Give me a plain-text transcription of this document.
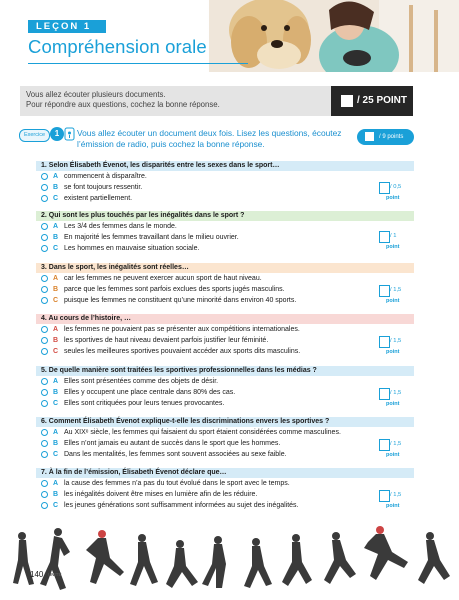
LEÇON 1
Compréhension orale
Vous allez écouter plusieurs documents.
Pour répondre aux questions, cochez la bonne réponse.	/ 25 POINT
Exercice	1	Vous allez écouter un document deux fois. Lisez les questions, écoutez l’émission de radio, puis cochez la bonne réponse.
/ 9 points
1. Selon Élisabeth Évenot, les disparités entre les sexes dans le sport…
A commencent à disparaître.
B se font toujours ressentir.
C existent partiellement.
/ 0,5
point
2. Qui sont les plus touchés par les inégalités dans le sport ?
A Les 3/4 des femmes dans le monde.
B En majorité les femmes travaillant dans le milieu ouvrier.
C Les hommes en mauvaise situation sociale.
/ 1
point
3. Dans le sport, les inégalités sont réelles…
A car les femmes ne peuvent exercer aucun sport de haut niveau.
B parce que les femmes sont parfois exclues des sports jugés masculins.
C puisque les femmes ne constituent qu’une minorité dans environ 40 sports.
/ 1,5
point
4. Au cours de l’histoire, …
A les femmes ne pouvaient pas se présenter aux compétitions internationales.
B les sportives de haut niveau devaient parfois justifier leur féminité.
C seules les meilleures sportives pouvaient accéder aux sports dits masculins.
/ 1,5
point
5. De quelle manière sont traitées les sportives professionnelles dans les médias ?
A Elles sont présentées comme des objets de désir.
B Elles y occupent une place centrale dans 80% des cas.
C Elles sont critiquées pour leurs tenues provocantes.
/ 1,5
point
6. Comment Élisabeth Évenot explique-t-elle les discriminations envers les sportives ?
A Au XIXᵉ siècle, les femmes qui faisaient du sport étaient considérées comme masculines.
B Elles n’ont jamais eu autant de succès dans le sport que les hommes.
C Dans les mentalités, les femmes sont souvent associées au sexe faible.
/ 1,5
point
7. À la fin de l’émission, Élisabeth Évenot déclare que…
A la cause des femmes n’a pas du tout évolué dans le sport avec le temps.
B les inégalités doivent être mises en lumière afin de les réduire.
C les jeunes générations sont suffisamment informées au sujet des inégalités.
/ 1,5
point
140 UNITÉ
